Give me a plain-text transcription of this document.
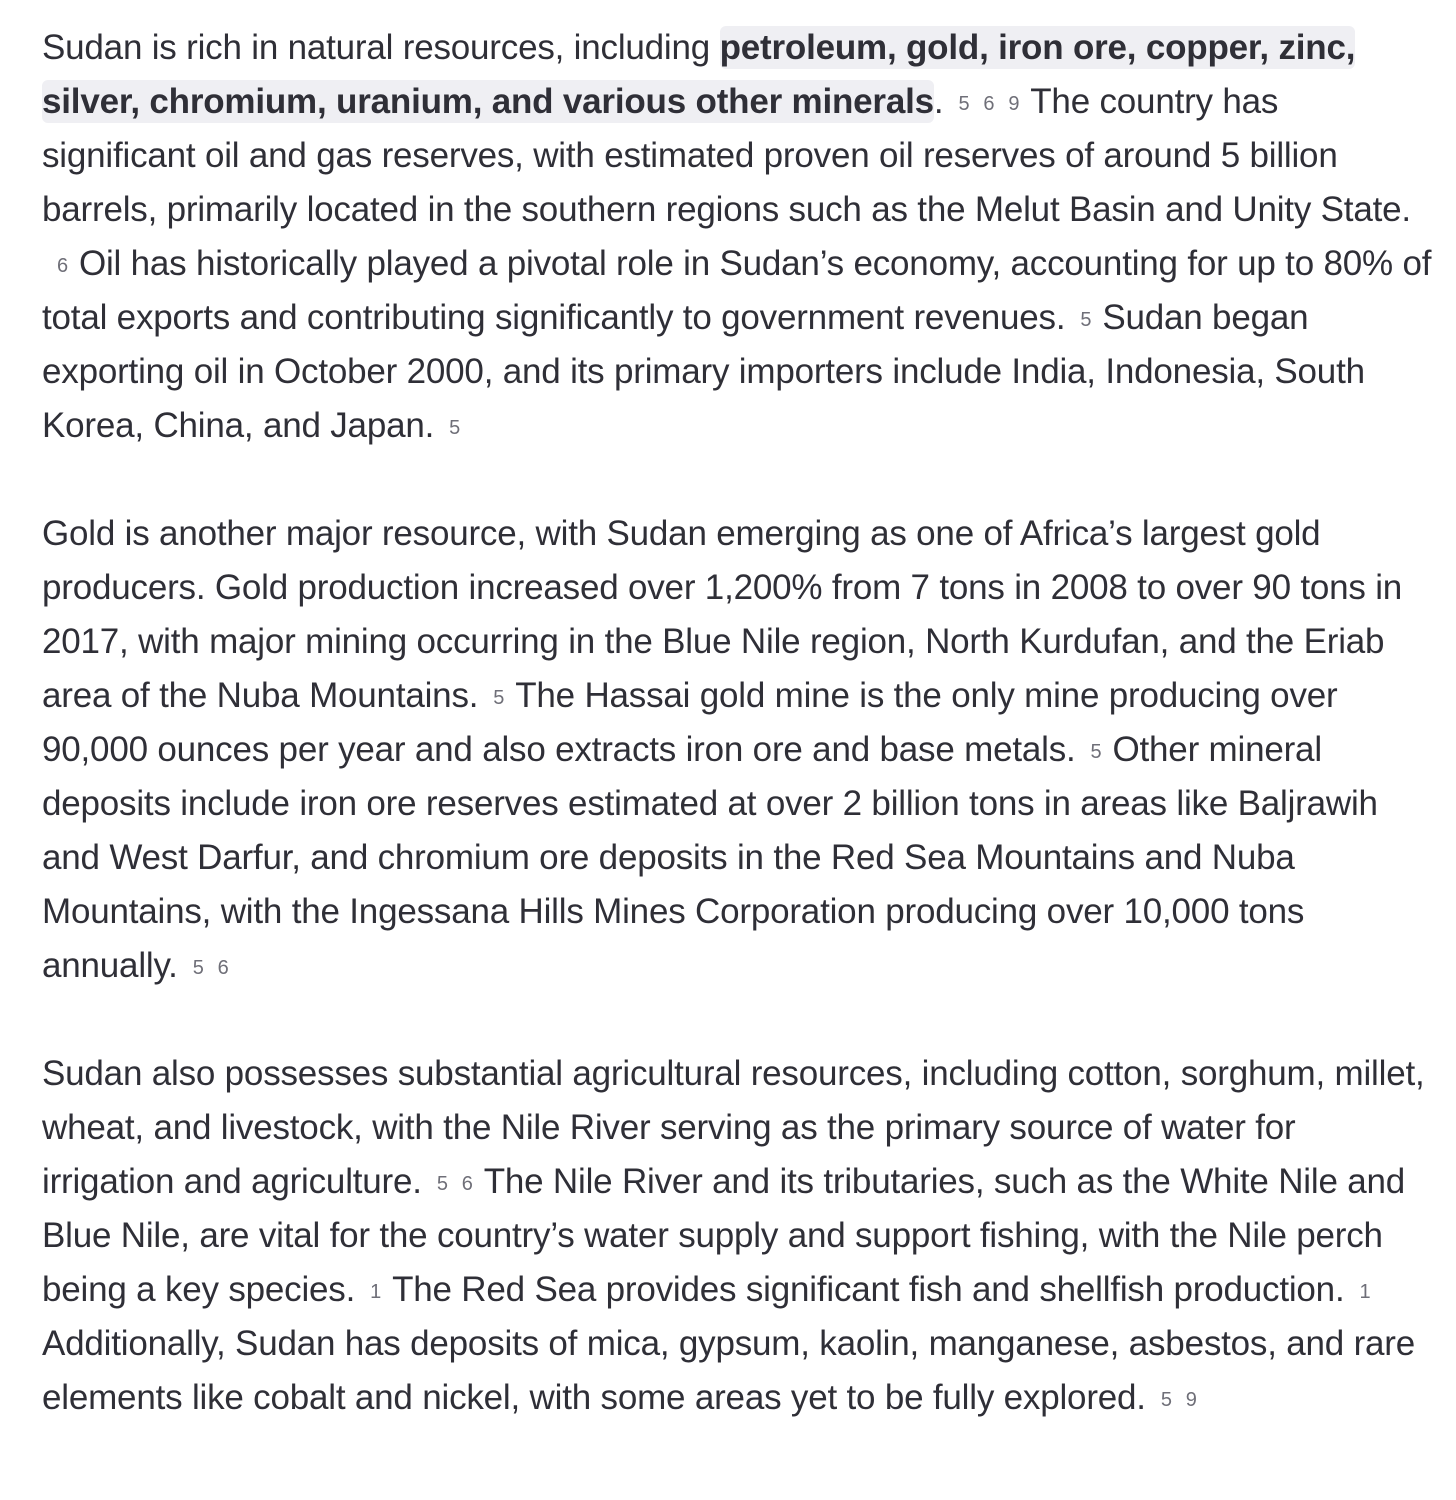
Sudan is rich in natural resources, including petroleum, gold, iron ore, copper, zinc, silver, chromium, uranium, and various other minerals. 5 6 9 The country has significant oil and gas reserves, with estimated proven oil reserves of around 5 billion barrels, primarily located in the southern regions such as the Melut Basin and Unity State.6 Oil has historically played a pivotal role in Sudan’s economy, accounting for up to 80% of total exports and contributing significantly to government revenues. 5 Sudan began exporting oil in October 2000, and its primary importers include India, Indonesia, South Korea, China, and Japan. 5

Gold is another major resource, with Sudan emerging as one of Africa’s largest gold producers. Gold production increased over 1,200% from 7 tons in 2008 to over 90 tons in 2017, with major mining occurring in the Blue Nile region, North Kurdufan, and the Eriab area of the Nuba Mountains. 5 The Hassai gold mine is the only mine producing over 90,000 ounces per year and also extracts iron ore and base metals. 5 Other mineral deposits include iron ore reserves estimated at over 2 billion tons in areas like Baljrawih and West Darfur, and chromium ore deposits in the Red Sea Mountains and Nuba Mountains, with the Ingessana Hills Mines Corporation producing over 10,000 tons annually. 5 6

Sudan also possesses substantial agricultural resources, including cotton, sorghum, millet, wheat, and livestock, with the Nile River serving as the primary source of water for irrigation and agriculture. 5 6 The Nile River and its tributaries, such as the White Nile and Blue Nile, are vital for the country’s water supply and support fishing, with the Nile perch being a key species. 1 The Red Sea provides significant fish and shellfish production. 1Additionally, Sudan has deposits of mica, gypsum, kaolin, manganese, asbestos, and rare elements like cobalt and nickel, with some areas yet to be fully explored. 5 9
